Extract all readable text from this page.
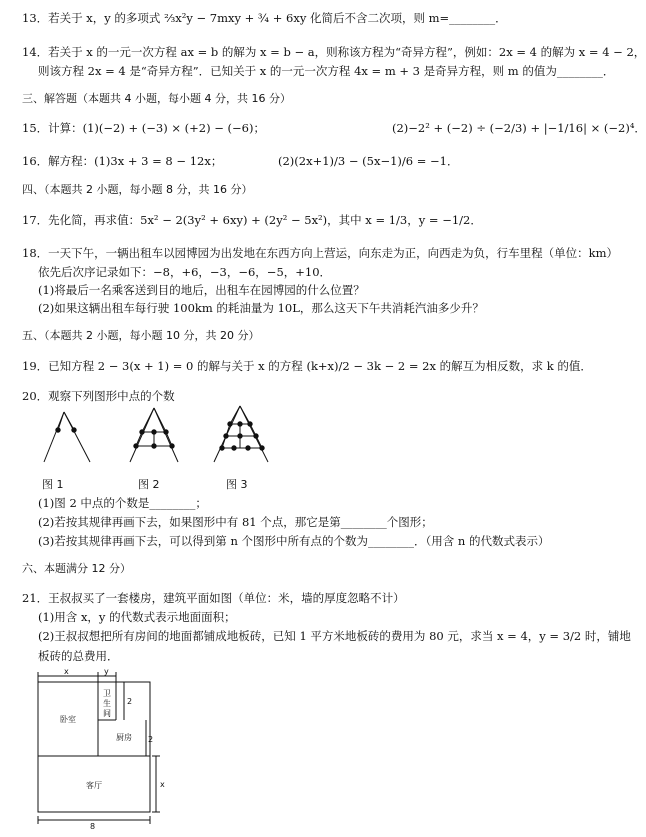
13．若关于 x，y 的多项式 ⅔x²y − 7mxy + ¾ + 6xy 化简后不含二次项，则 m=________．
14．若关于 x 的一元一次方程 ax = b 的解为 x = b − a，则称该方程为“奇异方程”，例如：2x = 4 的解为 x = 4 − 2，
则该方程 2x = 4 是“奇异方程”．已知关于 x 的一元一次方程 4x = m + 3 是奇异方程，则 m 的值为________．
三、解答题（本题共 4 小题，每小题 4 分，共 16 分）
15．计算：(1)(−2) + (−3) × (+2) − (−6)；	(2)−2² + (−2) ÷ (−2/3) + |−1/16| × (−2)⁴．
16．解方程：(1)3x + 3 = 8 − 12x；	(2)(2x+1)/3 − (5x−1)/6 = −1．
四、（本题共 2 小题，每小题 8 分，共 16 分）
17．先化简，再求值：5x² − 2(3y² + 6xy) + (2y² − 5x²)，其中 x = 1/3，y = −1/2．
18．一天下午，一辆出租车以园博园为出发地在东西方向上营运，向东走为正，向西走为负，行车里程（单位：km）
依先后次序记录如下：−8，+6，−3，−6，−5，+10．
(1)将最后一名乘客送到目的地后，出租车在园博园的什么位置？
(2)如果这辆出租车每行驶 100km 的耗油量为 10L，那么这天下午共消耗汽油多少升？
五、（本题共 2 小题，每小题 10 分，共 20 分）
19．已知方程 2 − 3(x + 1) = 0 的解与关于 x 的方程 (k+x)/2 − 3k − 2 = 2x 的解互为相反数，求 k 的值．
20．观察下列图形中点的个数
图 1	图 2	图 3
(1)图 2 中点的个数是________；
(2)若按其规律再画下去，如果图形中有 81 个点，那它是第________个图形；
(3)若按其规律再画下去，可以得到第 n 个图形中所有点的个数为________．（用含 n 的代数式表示）
六、本题满分 12 分）
21．王叔叔买了一套楼房，建筑平面如图（单位：米，墙的厚度忽略不计）
(1)用含 x，y 的代数式表示地面面积；
(2)王叔叔想把所有房间的地面都铺成地板砖，已知 1 平方米地板砖的费用为 80 元，求当 x = 4，y = 3/2 时，铺地
板砖的总费用．
x	y
卧室
卫
生
间
2
厨房 2
客厅	x
8
